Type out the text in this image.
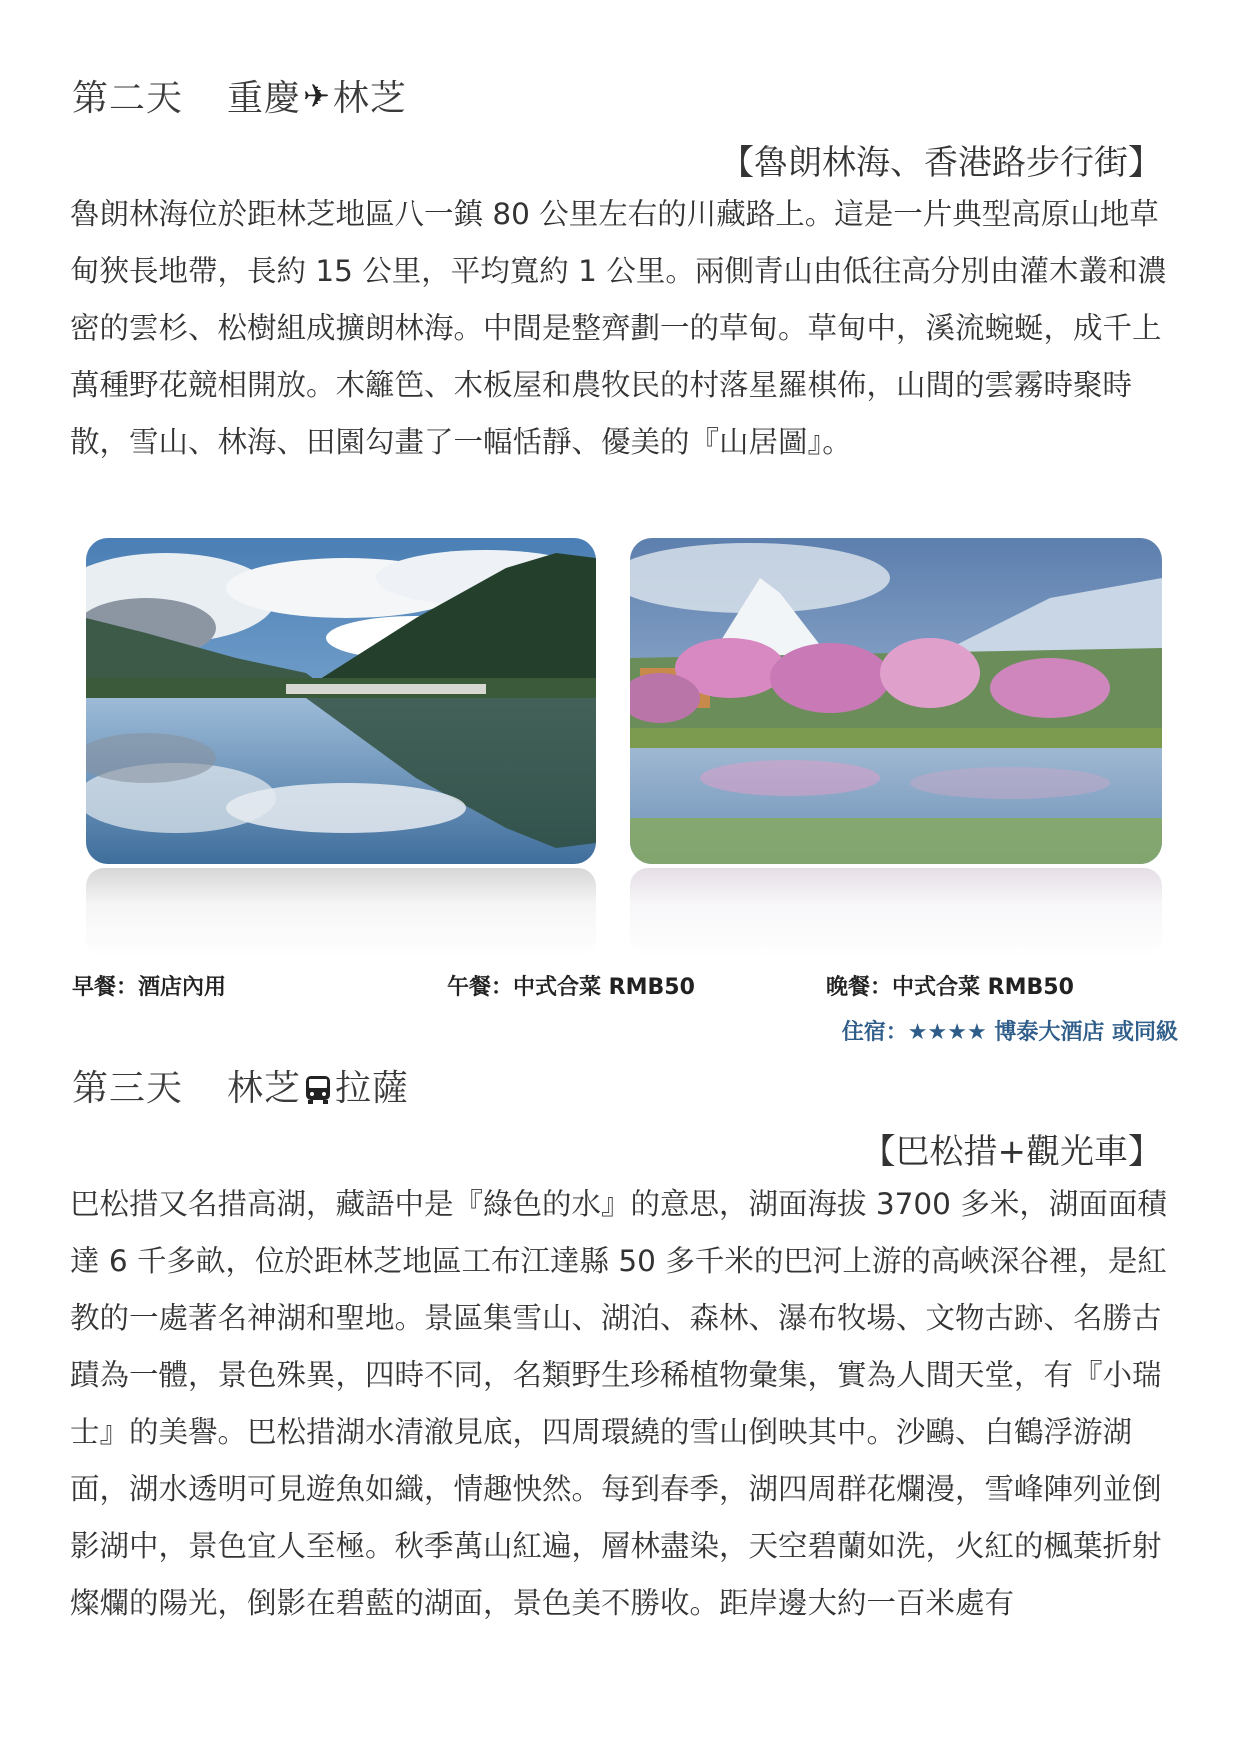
第二天 重慶 ✈ 林芝
【魯朗林海、香港路步行街】

魯朗林海位於距林芝地區八一鎮 80 公里左右的川藏路上。這是一片典型高原山地草甸狹長地帶，長約 15 公里，平均寬約 1 公里。兩側青山由低往高分別由灌木叢和濃密的雲杉、松樹組成擴朗林海。中間是整齊劃一的草甸。草甸中，溪流蜿蜒，成千上萬種野花競相開放。木籬笆、木板屋和農牧民的村落星羅棋佈，山間的雲霧時聚時散，雪山、林海、田園勾畫了一幅恬靜、優美的『山居圖』。

早餐：酒店內用	午餐：中式合菜 RMB50	晚餐：中式合菜 RMB50
住宿：★★★★ 博泰大酒店 或同級
第三天 林芝 拉薩
【巴松措+觀光車】

巴松措又名措高湖，藏語中是『綠色的水』的意思，湖面海拔 3700 多米，湖面面積達 6 千多畝，位於距林芝地區工布江達縣 50 多千米的巴河上游的高峽深谷裡，是紅教的一處著名神湖和聖地。景區集雪山、湖泊、森林、瀑布牧場、文物古跡、名勝古蹟為一體，景色殊異，四時不同，名類野生珍稀植物彙集，實為人間天堂，有『小瑞士』的美譽。巴松措湖水清澈見底，四周環繞的雪山倒映其中。沙鷗、白鶴浮游湖面，湖水透明可見遊魚如織，情趣怏然。每到春季，湖四周群花爛漫，雪峰陣列並倒影湖中，景色宜人至極。秋季萬山紅遍，層林盡染，天空碧蘭如洗，火紅的楓葉折射燦爛的陽光，倒影在碧藍的湖面，景色美不勝收。距岸邊大約一百米處有
